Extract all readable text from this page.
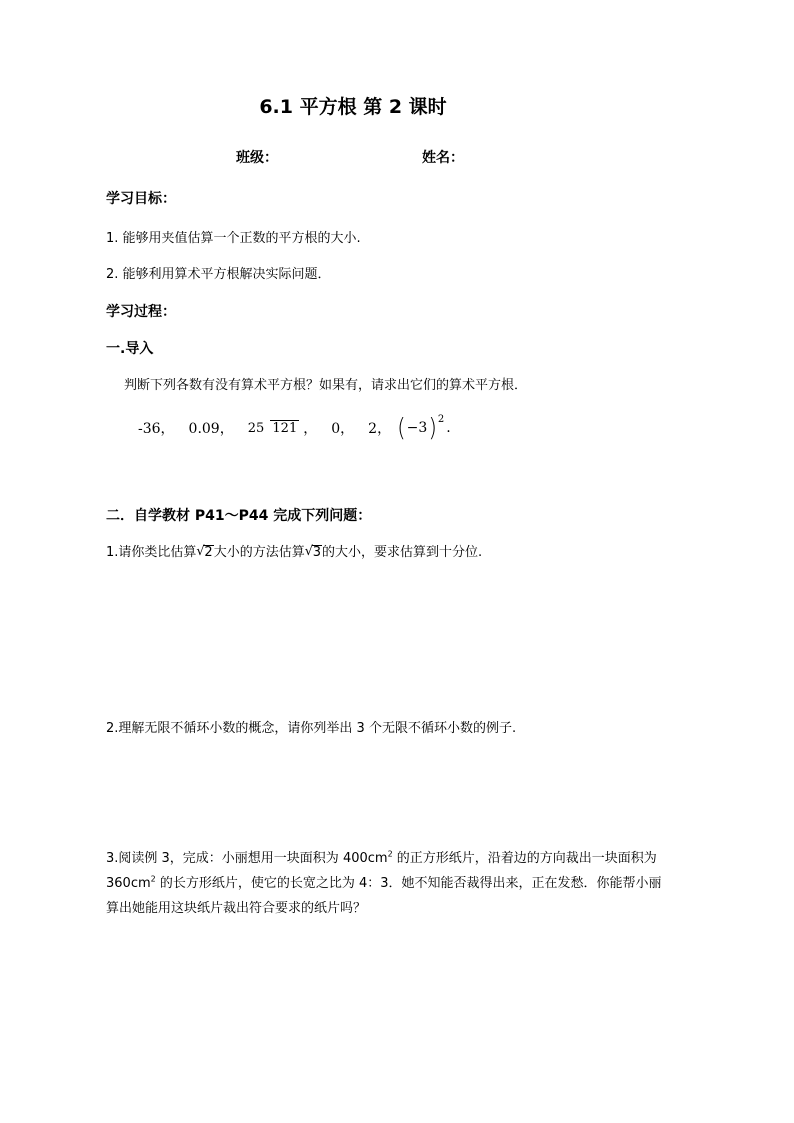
6.1 平方根 第 2 课时
班级：	姓名：
学习目标：
1. 能够用夹值估算一个正数的平方根的大小.
2. 能够利用算术平方根解决实际问题．
学习过程：
一.导入
判断下列各数有没有算术平方根？如果有，请求出它们的算术平方根．
-36， 0.09， 25 121 ， 0， 2， ( −3 ) 2
.
二．自学教材 P41～P44 完成下列问题：
1.请你类比估算 √ 2大小的方法估算 √ 3的大小，要求估算到十分位.
2.理解无限不循环小数的概念，请你列举出 3 个无限不循环小数的例子.
3.阅读例 3，完成：小丽想用一块面积为 $400cm^2$ 的正方形纸片，沿着边的方向裁出一块面积为
$360cm^2$ 的长方形纸片，使它的长宽之比为 4：3．她不知能否裁得出来，正在发愁．你能帮小丽
算出她能用这块纸片裁出符合要求的纸片吗？
